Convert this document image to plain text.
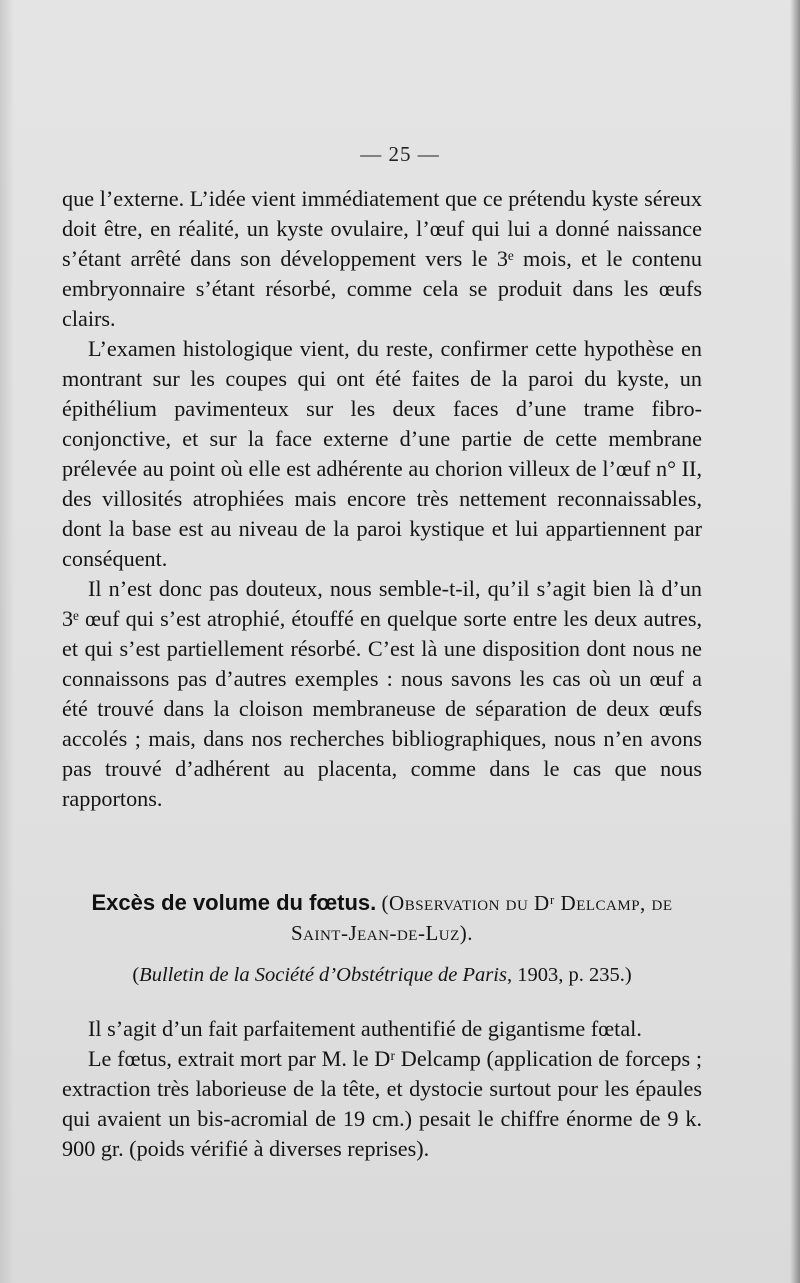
— 25 —

que l’externe. L’idée vient immédiatement que ce prétendu kyste séreux doit être, en réalité, un kyste ovulaire, l’œuf qui lui a donné naissance s’étant arrêté dans son développement vers le 3ᵉ mois, et le contenu embryonnaire s’étant résorbé, comme cela se produit dans les œufs clairs.

L’examen histologique vient, du reste, confirmer cette hypothèse en montrant sur les coupes qui ont été faites de la paroi du kyste, un épithélium pavimenteux sur les deux faces d’une trame fibro-conjonctive, et sur la face externe d’une partie de cette membrane prélevée au point où elle est adhérente au chorion villeux de l’œuf n° II, des villosités atrophiées mais encore très nettement reconnaissables, dont la base est au niveau de la paroi kystique et lui appartiennent par conséquent.

Il n’est donc pas douteux, nous semble-t-il, qu’il s’agit bien là d’un 3ᵉ œuf qui s’est atrophié, étouffé en quelque sorte entre les deux autres, et qui s’est partiellement résorbé. C’est là une disposition dont nous ne connaissons pas d’autres exemples : nous savons les cas où un œuf a été trouvé dans la cloison membraneuse de séparation de deux œufs accolés ; mais, dans nos recherches bibliographiques, nous n’en avons pas trouvé d’adhérent au placenta, comme dans le cas que nous rapportons.

Excès de volume du fœtus. (Observation du Dʳ Delcamp, de Saint-Jean-de-Luz).
(Bulletin de la Société d’Obstétrique de Paris, 1903, p. 235.)

Il s’agit d’un fait parfaitement authentifié de gigantisme fœtal.

Le fœtus, extrait mort par M. le Dʳ Delcamp (application de forceps ; extraction très laborieuse de la tête, et dystocie surtout pour les épaules qui avaient un bis-acromial de 19 cm.) pesait le chiffre énorme de 9 k. 900 gr. (poids vérifié à diverses reprises).
